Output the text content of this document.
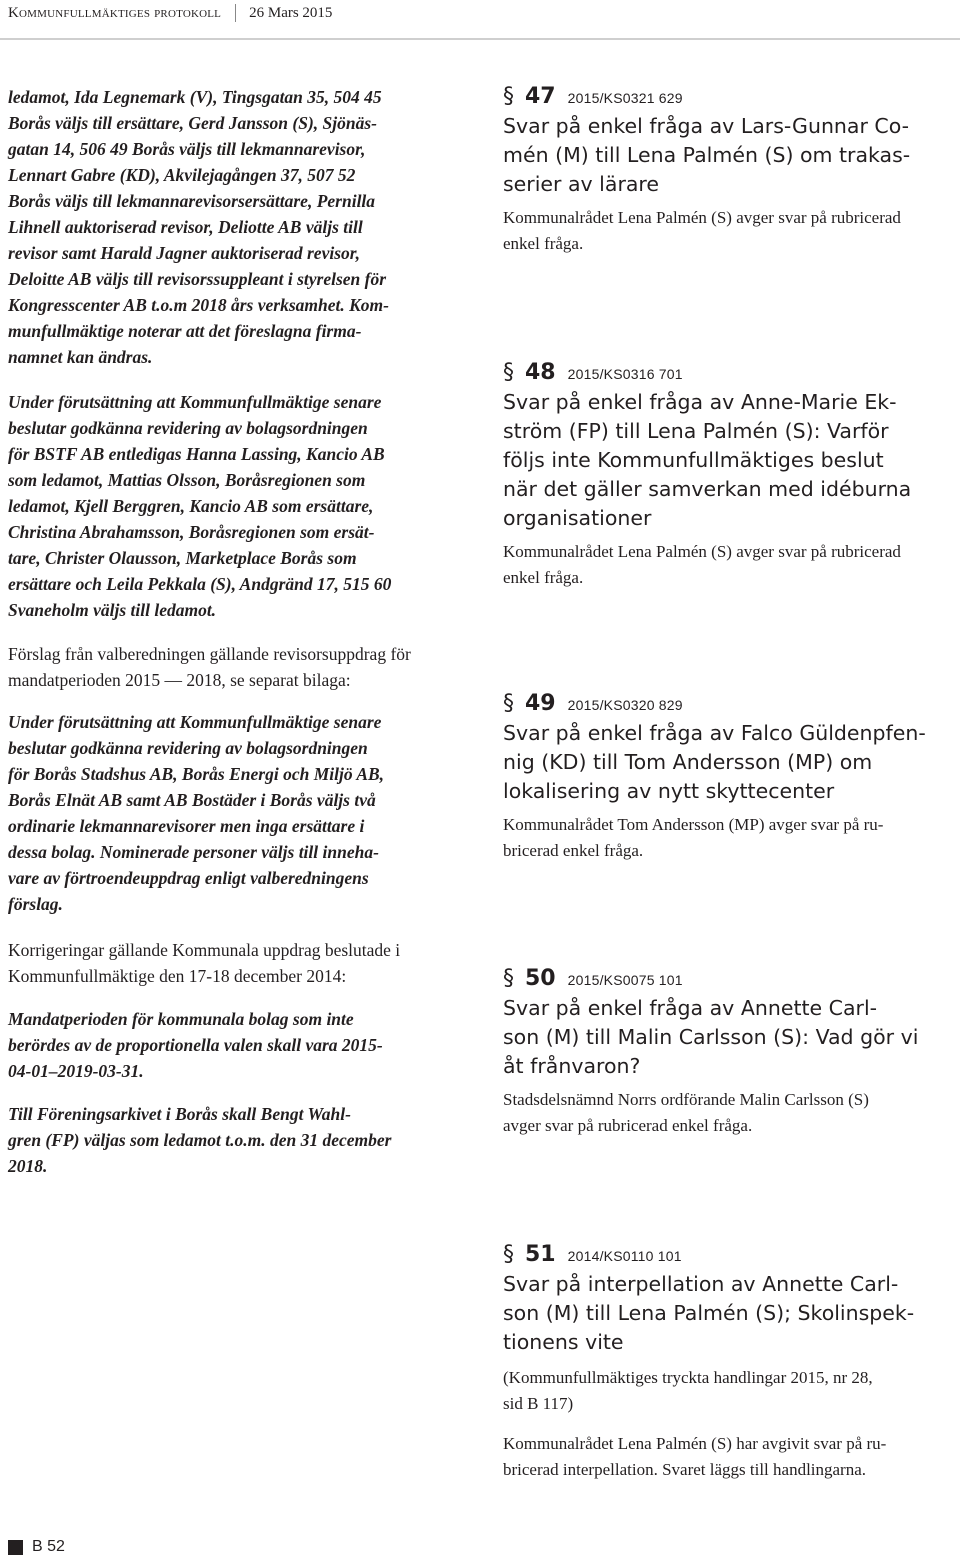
Kommunfullmäktiges protokoll 26 Mars 2015
ledamot, Ida Legnemark (V), Tingsgatan 35, 504 45
Borås väljs till ersättare, Gerd Jansson (S), Sjönäs-
gatan 14, 506 49 Borås väljs till lekmannarevisor,
Lennart Gabre (KD), Akvilejagången 37, 507 52
Borås väljs till lekmannarevisorsersättare, Pernilla
Lihnell auktoriserad revisor, Deliotte AB väljs till
revisor samt Harald Jagner auktoriserad revisor,
Deloitte AB väljs till revisorssuppleant i styrelsen för
Kongresscenter AB t.o.m 2018 års verksamhet. Kom-
munfullmäktige noterar att det föreslagna firma-
namnet kan ändras.
Under förutsättning att Kommunfullmäktige senare
beslutar godkänna revidering av bolagsordningen
för BSTF AB entledigas Hanna Lassing, Kancio AB
som ledamot, Mattias Olsson, Boråsregionen som
ledamot, Kjell Berggren, Kancio AB som ersättare,
Christina Abrahamsson, Boråsregionen som ersät-
tare, Christer Olausson, Marketplace Borås som
ersättare och Leila Pekkala (S), Andgränd 17, 515 60
Svaneholm väljs till ledamot.
Förslag från valberedningen gällande revisorsuppdrag för
mandatperioden 2015 — 2018, se separat bilaga:
Under förutsättning att Kommunfullmäktige senare
beslutar godkänna revidering av bolagsordningen
för Borås Stadshus AB, Borås Energi och Miljö AB,
Borås Elnät AB samt AB Bostäder i Borås väljs två
ordinarie lekmannarevisorer men inga ersättare i
dessa bolag. Nominerade personer väljs till inneha-
vare av förtroendeuppdrag enligt valberedningens
förslag.
Korrigeringar gällande Kommunala uppdrag beslutade i
Kommunfullmäktige den 17-18 december 2014:
Mandatperioden för kommunala bolag som inte
berördes av de proportionella valen skall vara 2015-
04-01–2019-03-31.
Till Föreningsarkivet i Borås skall Bengt Wahl-
gren (FP) väljas som ledamot t.o.m. den 31 december
2018.
§ 47 2015/KS0321 629
Svar på enkel fråga av Lars-Gunnar Co-
mén (M) till Lena Palmén (S) om trakas-
serier av lärare
Kommunalrådet Lena Palmén (S) avger svar på rubricerad
enkel fråga.
§ 48 2015/KS0316 701
Svar på enkel fråga av Anne-Marie Ek-
ström (FP) till Lena Palmén (S): Varför
följs inte Kommunfullmäktiges beslut
när det gäller samverkan med idéburna
organisationer
Kommunalrådet Lena Palmén (S) avger svar på rubricerad
enkel fråga.
§ 49 2015/KS0320 829
Svar på enkel fråga av Falco Güldenpfen-
nig (KD) till Tom Andersson (MP) om
lokalisering av nytt skyttecenter
Kommunalrådet Tom Andersson (MP) avger svar på ru-
bricerad enkel fråga.
§ 50 2015/KS0075 101
Svar på enkel fråga av Annette Carl-
son (M) till Malin Carlsson (S): Vad gör vi
åt frånvaron?
Stadsdelsnämnd Norrs ordförande Malin Carlsson (S)
avger svar på rubricerad enkel fråga.
§ 51 2014/KS0110 101
Svar på interpellation av Annette Carl-
son (M) till Lena Palmén (S); Skolinspek-
tionens vite
(Kommunfullmäktiges tryckta handlingar 2015, nr 28,
sid B 117)
Kommunalrådet Lena Palmén (S) har avgivit svar på ru-
bricerad interpellation. Svaret läggs till handlingarna.
B 52
